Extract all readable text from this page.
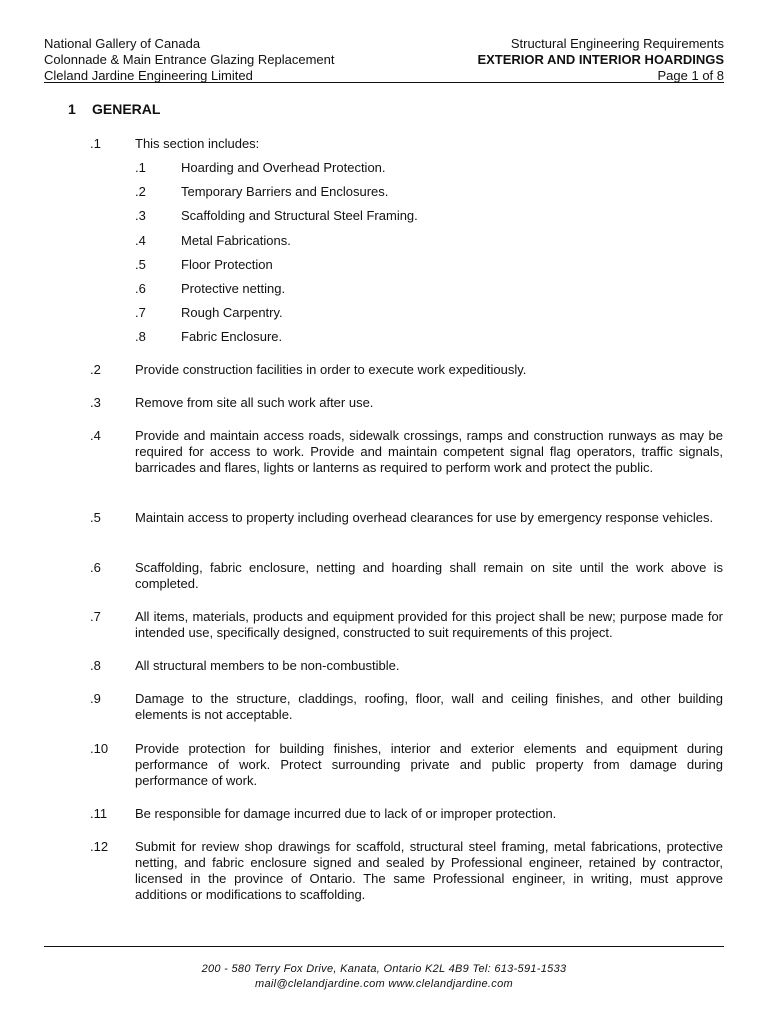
National Gallery of Canada
Colonnade & Main Entrance Glazing Replacement
Cleland Jardine Engineering Limited
Structural Engineering Requirements
EXTERIOR AND INTERIOR HOARDINGS
Page 1 of 8
1 GENERAL
.1	This section includes:
.1	Hoarding and Overhead Protection.
.2	Temporary Barriers and Enclosures.
.3	Scaffolding and Structural Steel Framing.
.4	Metal Fabrications.
.5	Floor Protection
.6	Protective netting.
.7	Rough Carpentry.
.8	Fabric Enclosure.
.2	Provide construction facilities in order to execute work expeditiously.
.3	Remove from site all such work after use.
.4	Provide and maintain access roads, sidewalk crossings, ramps and construction runways as may be required for access to work. Provide and maintain competent signal flag operators, traffic signals, barricades and flares, lights or lanterns as required to perform work and protect the public.
.5	Maintain access to property including overhead clearances for use by emergency response vehicles.
.6	Scaffolding, fabric enclosure, netting and hoarding shall remain on site until the work above is completed.
.7	All items, materials, products and equipment provided for this project shall be new; purpose made for intended use, specifically designed, constructed to suit requirements of this project.
.8	All structural members to be non-combustible.
.9	Damage to the structure, claddings, roofing, floor, wall and ceiling finishes, and other building elements is not acceptable.
.10 Provide protection for building finishes, interior and exterior elements and equipment during performance of work. Protect surrounding private and public property from damage during performance of work.
.11 Be responsible for damage incurred due to lack of or improper protection.
.12 Submit for review shop drawings for scaffold, structural steel framing, metal fabrications, protective netting, and fabric enclosure signed and sealed by Professional engineer, retained by contractor, licensed in the province of Ontario. The same Professional engineer, in writing, must approve additions or modifications to scaffolding.
200 - 580 Terry Fox Drive, Kanata, Ontario K2L 4B9 Tel: 613-591-1533
mail@clelandjardine.com www.clelandjardine.com
